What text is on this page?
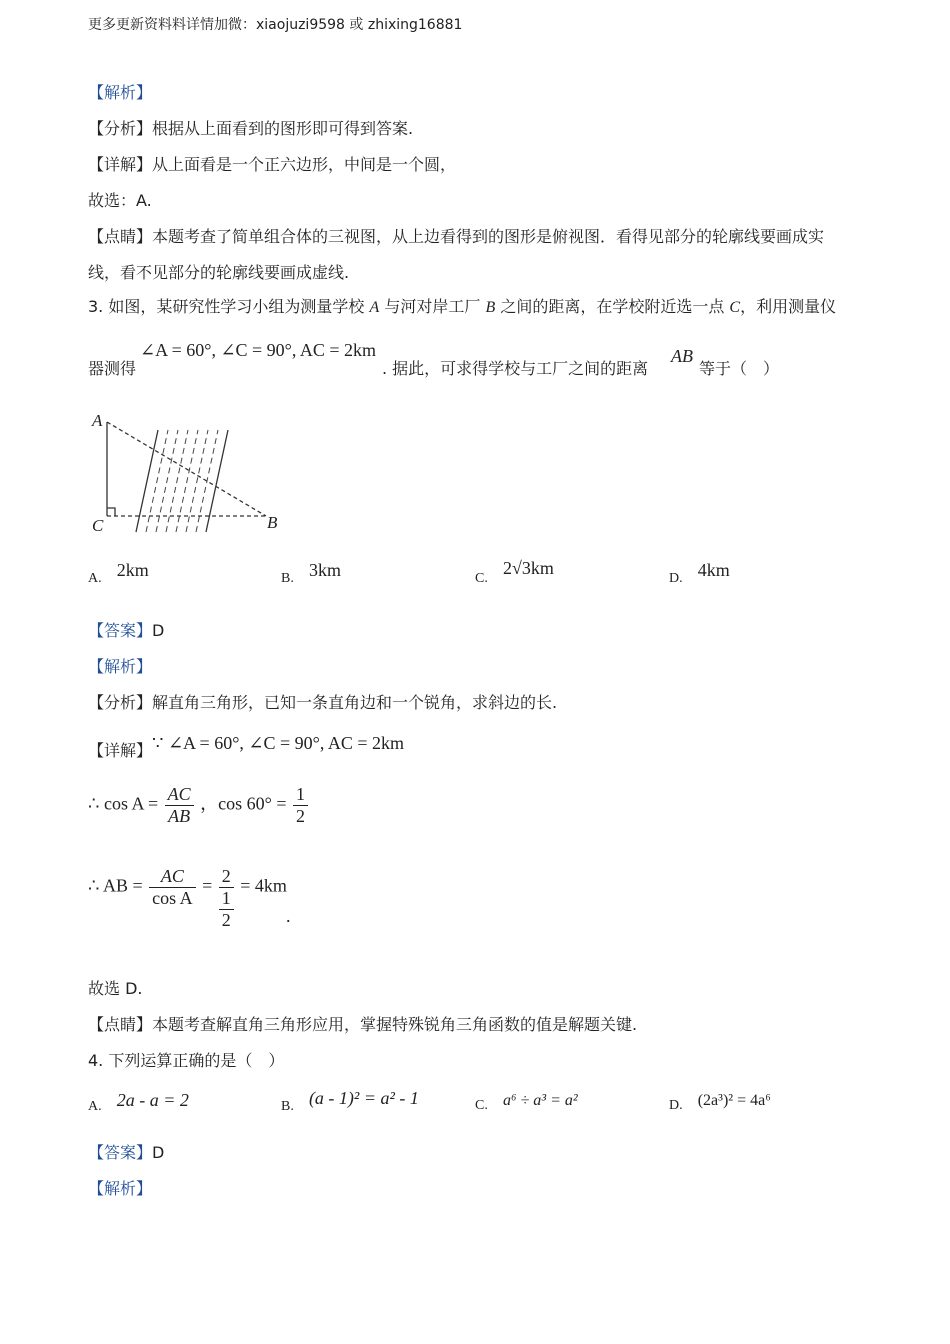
更多更新资料料详情加微：xiaojuzi9598 或 zhixing16881
【解析】
【分析】根据从上面看到的图形即可得到答案.
【详解】从上面看是一个正六边形，中间是一个圆，
故选：A.
【点睛】本题考查了简单组合体的三视图，从上边看得到的图形是俯视图．看得见部分的轮廓线要画成实
线，看不见部分的轮廓线要画成虚线.
3. 如图，某研究性学习小组为测量学校 A 与河对岸工厂 B 之间的距离，在学校附近选一点 C，利用测量仪
器测得
∠A = 60°, ∠C = 90°, AC = 2km
. 据此，可求得学校与工厂之间的距离
AB
等于（　）
A
C	B
A. 2km	B. 3km	C. 2√3km
D. 4km
【答案】D
【解析】
【分析】解直角三角形，已知一条直角边和一个锐角，求斜边的长.
【详解】 ∵ ∠A = 60°, ∠C = 90°, AC = 2km
∴ $\cos A = \frac{AC}{AB}$ ，$\cos 60^\circ = \frac{1}{2}$
∴ AB = $\frac{AC}{\text{cos A}} = 2$
1
2
= 4km
.
故选 D.
【点睛】本题考查解直角三角形应用，掌握特殊锐角三角函数的值是解题关键.
4. 下列运算正确的是（　）
A. 2a - a = 2	B. (a - 1)² = a² - 1	C. a⁶ ÷ a³ = a²	D. (2a³)² = 4a⁶
【答案】D
【解析】
